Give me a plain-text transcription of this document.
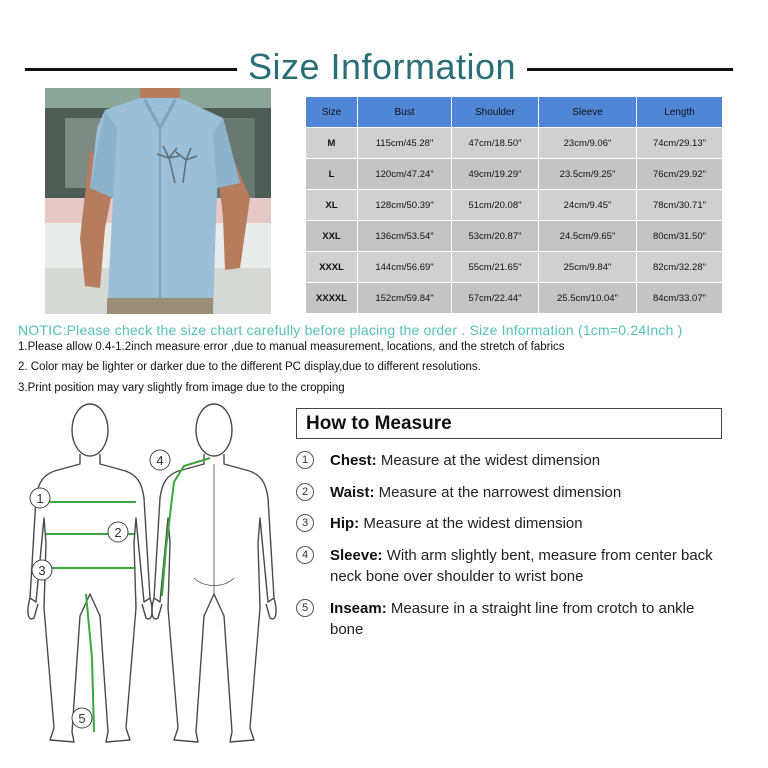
Size Information
Size	Bust	Shoulder	Sleeve	Length
M	115cm/45.28"	47cm/18.50"	23cm/9.06"	74cm/29.13"
L	120cm/47.24"	49cm/19.29"	23.5cm/9.25"	76cm/29.92"
XL	128cm/50.39"	51cm/20.08"	24cm/9.45"	78cm/30.71"
XXL	136cm/53.54"	53cm/20.87"	24.5cm/9.65"	80cm/31.50"
XXXL	144cm/56.69"	55cm/21.65"	25cm/9.84"	82cm/32.28"
XXXXL	152cm/59.84"	57cm/22.44"	25.5cm/10.04"	84cm/33.07"
NOTIC:Please check the size chart carefully before placing the order . Size Information (1cm=0.24Inch )
1.Please allow 0.4-1.2inch measure error ,due to manual measurement, locations, and the stretch of fabrics
2. Color may be lighter or darker due to the different PC display,due to different resolutions.
3.Print position may vary slightly from image due to the cropping
1
2
3
4
5
How to Measure
1	Chest: Measure at the widest dimension
2	Waist: Measure at the narrowest dimension
3	Hip: Measure at the widest dimension
4	Sleeve: With arm slightly bent, measure from center back neck bone over shoulder to wrist bone
5	Inseam: Measure in a straight line from crotch to ankle bone
